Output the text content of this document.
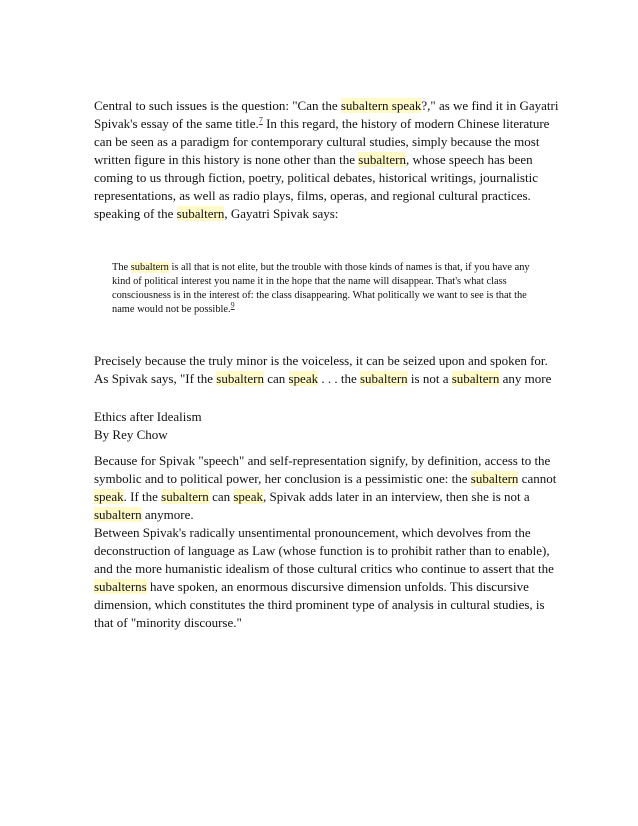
Central to such issues is the question: "Can the subaltern speak?," as we find it in Gayatri Spivak's essay of the same title.$^7$ In this regard, the history of modern Chinese literature can be seen as a paradigm for contemporary cultural studies, simply because the most written figure in this history is none other than the subaltern, whose speech has been coming to us through fiction, poetry, political debates, historical writings, journalistic representations, as well as radio plays, films, operas, and regional cultural practices.

speaking of the subaltern, Gayatri Spivak says:

The subaltern is all that is not elite, but the trouble with those kinds of names is that, if you have any kind of political interest you name it in the hope that the name will disappear. That's what class consciousness is in the interest of: the class disappearing. What politically we want to see is that the name would not be possible.$^9$

Precisely because the truly minor is the voiceless, it can be seized upon and spoken for. As Spivak says, "If the subaltern can speak . . . the subaltern is not a subaltern any more

Ethics after Idealism
By Rey Chow

Because for Spivak "speech" and self-representation signify, by definition, access to the symbolic and to political power, her conclusion is a pessimistic one: the subaltern cannot speak. If the subaltern can speak, Spivak adds later in an interview, then she is not a subaltern anymore.
Between Spivak's radically unsentimental pronouncement, which devolves from the deconstruction of language as Law (whose function is to prohibit rather than to enable), and the more humanistic idealism of those cultural critics who continue to assert that the subalterns have spoken, an enormous discursive dimension unfolds. This discursive dimension, which constitutes the third prominent type of analysis in cultural studies, is that of "minority discourse."
